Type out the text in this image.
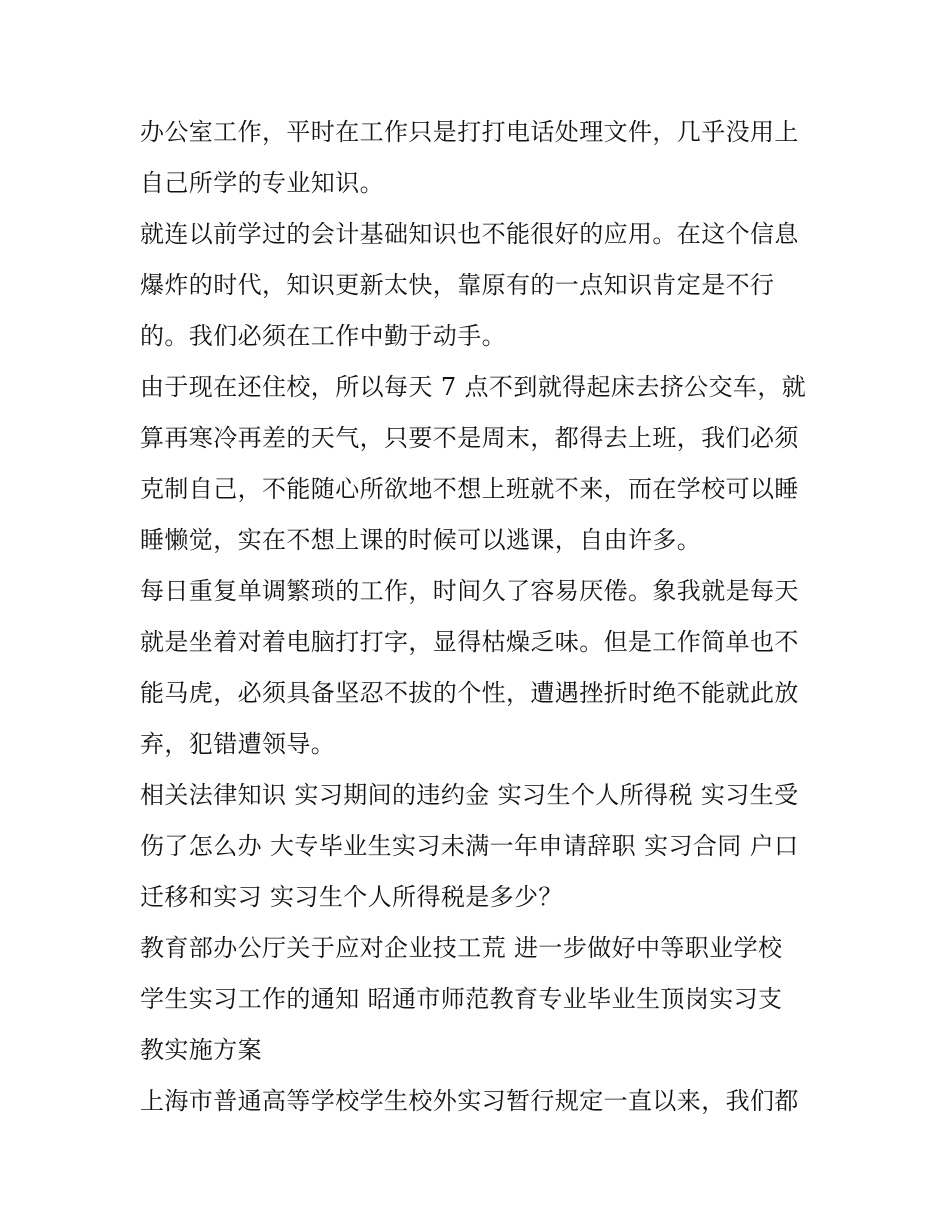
办公室工作，平时在工作只是打打电话处理文件，几乎没用上
自己所学的专业知识。
就连以前学过的会计基础知识也不能很好的应用。在这个信息
爆炸的时代，知识更新太快，靠原有的一点知识肯定是不行
的。我们必须在工作中勤于动手。
由于现在还住校，所以每天 7 点不到就得起床去挤公交车，就
算再寒冷再差的天气，只要不是周末，都得去上班，我们必须
克制自己，不能随心所欲地不想上班就不来，而在学校可以睡
睡懒觉，实在不想上课的时候可以逃课，自由许多。
每日重复单调繁琐的工作，时间久了容易厌倦。象我就是每天
就是坐着对着电脑打打字，显得枯燥乏味。但是工作简单也不
能马虎，必须具备坚忍不拔的个性，遭遇挫折时绝不能就此放
弃，犯错遭领导。
相关法律知识 实习期间的违约金 实习生个人所得税 实习生受
伤了怎么办 大专毕业生实习未满一年申请辞职 实习合同 户口
迁移和实习 实习生个人所得税是多少？
教育部办公厅关于应对企业技工荒 进一步做好中等职业学校
学生实习工作的通知 昭通市师范教育专业毕业生顶岗实习支
教实施方案
上海市普通高等学校学生校外实习暂行规定一直以来，我们都
